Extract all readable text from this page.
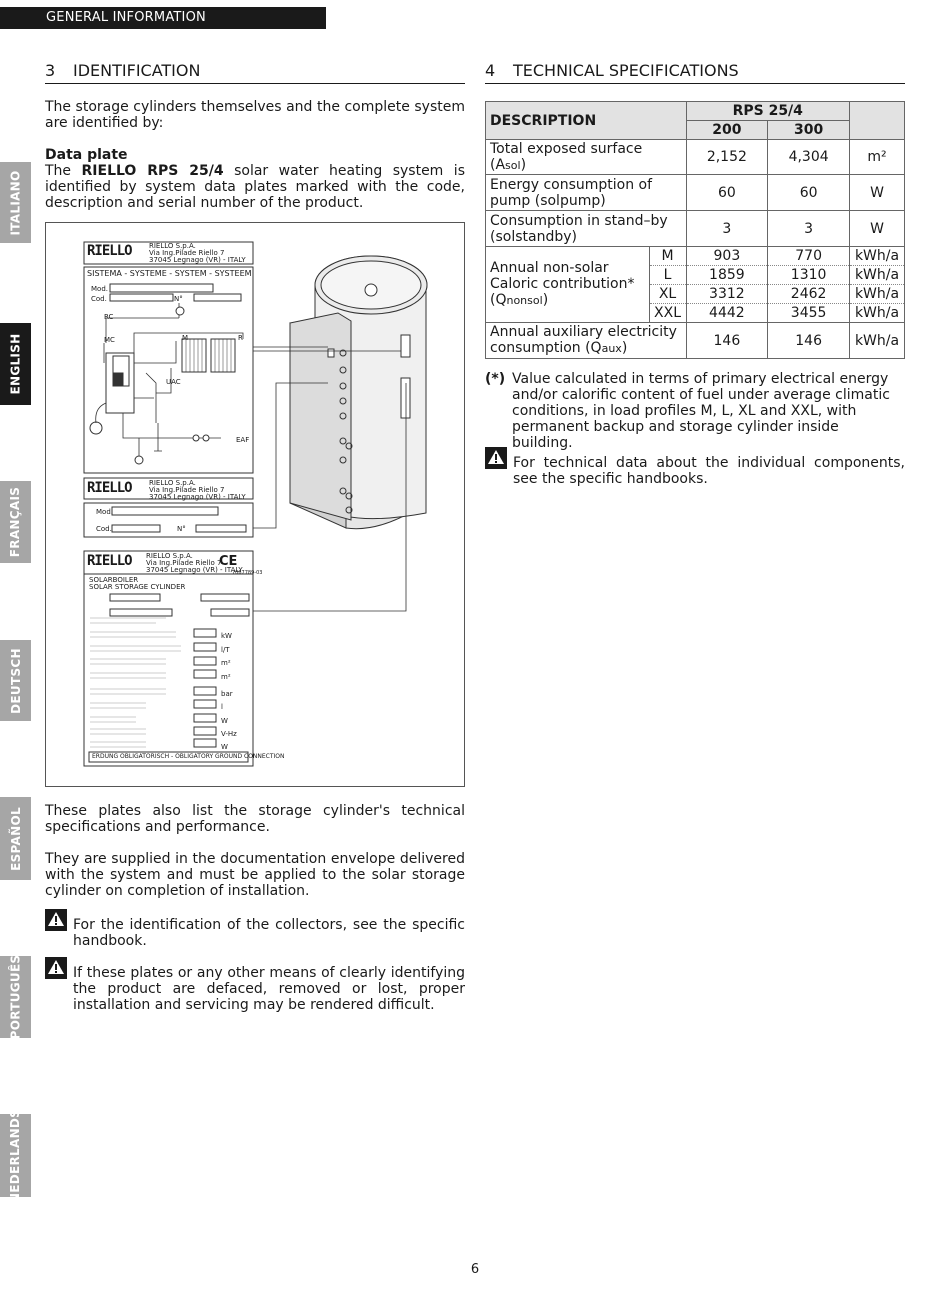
GENERAL INFORMATION
ITALIANO
ENGLISH
FRANÇAIS
DEUTSCH
ESPAÑOL
PORTUGUÊS
NEDERLANDS
3 IDENTIFICATION

The storage cylinders themselves and the complete system are identified by:

Data plate

The RIELLO RPS 25/4 solar water heating system is identified by system data plates marked with the code, description and serial number of the product.

RIELLO RIELLO S.p.A.
Via Ing.Pilade Riello 7
37045 Legnago (VR) - ITALY
SISTEMA - SYSTEME - SYSTEM - SYSTEEM
Mod.
Cod.	N°
RC
MC	M	R
UAC
EAF
RIELLO RIELLO S.p.A.
Via Ing.Pilade Riello 7
37045 Legnago (VR) - ITALY
Mod.
Cod.	N°
RIELLO RIELLO S.p.A.
Via Ing.Pilade Riello 7
37045 Legnago (VR) - ITALY
CE
7087789-03
SOLARBOILER
SOLAR STORAGE CYLINDER
kW
l/T
m²
m²
bar
l
W
V-Hz
W
ERDUNG OBLIGATORISCH - OBLIGATORY GROUND CONNECTION

These plates also list the storage cylinder's technical specifications and performance.

They are supplied in the documentation envelope delivered with the system and must be applied to the solar storage cylinder on completion of installation.

For the identification of the collectors, see the specific handbook.

If these plates or any other means of clearly identifying the product are defaced, removed or lost, proper installation and servicing may be rendered difficult.

4 TECHNICAL SPECIFICATIONS
DESCRIPTION		RPS 25/4		
		200	300	
Total exposed surface (Asol)		2,152	4,304	m²
Energy consumption of pump (solpump)		60	60	W
Consumption in stand–by (solstandby)		3	3	W

Annual non-solar
Caloric contribution*
(Qnonsol)	M	903	770	kWh/a
	L	1859	1310	kWh/a
	XL	3312	2462	kWh/a
	XXL	4442	3455	kWh/a
Annual auxiliary electricity consumption (Qaux)		146	146	kWh/a
(*) Value calculated in terms of primary electrical energy and/or calorific content of fuel under average climatic conditions, in load profiles M, L, XL and XXL, with permanent backup and storage cylinder inside building.

For technical data about the individual components, see the specific handbooks.

6
